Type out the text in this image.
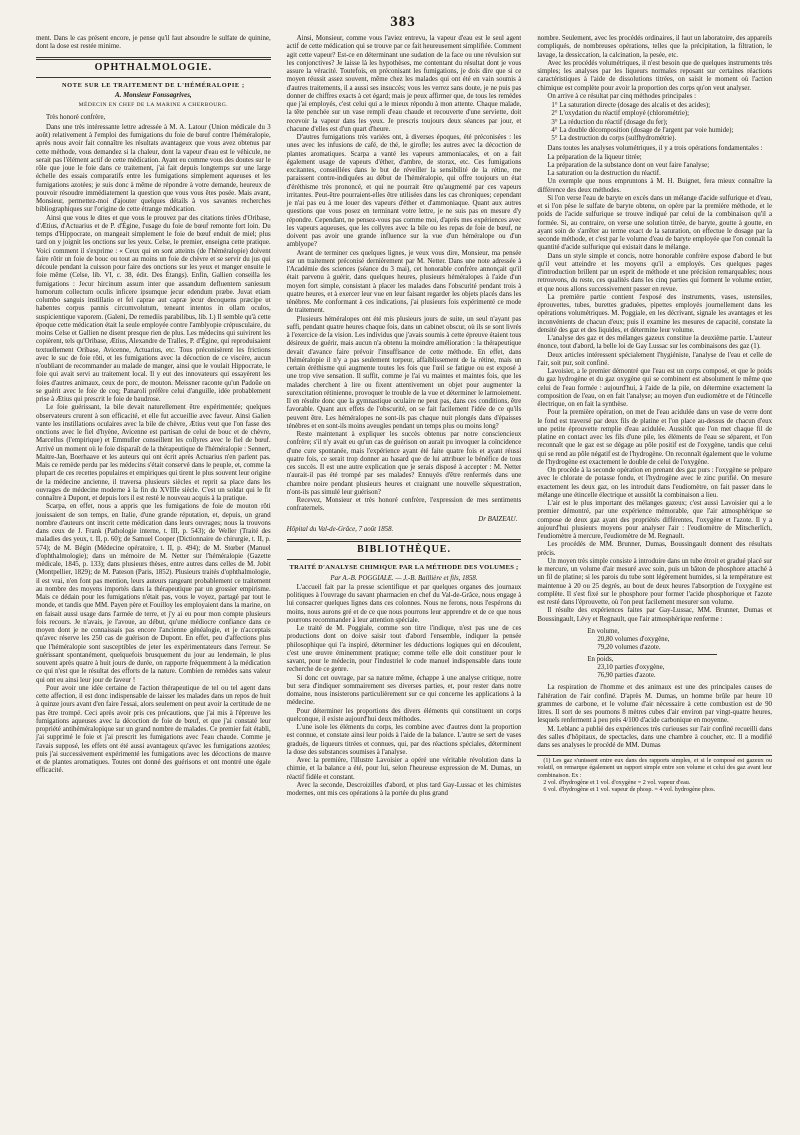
383

ment. Dans le cas présent encore, je pense qu'il faut absoudre le sulfate de quinine, dont la dose est restée minime.

OPHTHALMOLOGIE.
NOTE SUR LE TRAITEMENT DE L'HÉMÉRALOPIE ;
A. Monsieur Fonssagrives,
MÉDECIN EN CHEF DE LA MARINE A CHERBOURG.

Très honoré confrère,

Dans une très intéressante lettre adressée à M. A. Latour (Union médicale du 3 août) relativement à l'emploi des fumigations du foie de bœuf contre l'héméralopie, après nous avoir fait connaître les résultats avantageux que vous avez obtenus par cette méthode, vous demandez si la chaleur, dont la vapeur d'eau est le véhicule, ne serait pas l'élément actif de cette médication. Ayant eu comme vous des doutes sur le rôle que joue le foie dans ce traitement, j'ai fait depuis longtemps sur une large échelle des essais comparatifs entre les fumigations simplement aqueuses et les fumigations azotées; je suis donc à même de répondre à votre demande, heureux de pouvoir résoudre immédiatement la question que vous vous êtes posée. Mais avant, Monsieur, permettez-moi d'ajouter quelques détails à vos savantes recherches bibliographiques sur l'origine de cette étrange médication.

Ainsi que vous le dites et que vous le prouvez par des citations tirées d'Oribase, d'Ætius, d'Actuarius et de P. d'Égine, l'usage du foie de bœuf remonte fort loin. Du temps d'Hippocrate, on mangeait simplement le foie de bœuf enduit de miel; plus tard on y joignit les onctions sur les yeux. Celse, le premier, enseigna cette pratique. Voici comment il s'exprime : « Ceux qui en sont atteints (de l'héméralopie) doivent faire rôtir un foie de bouc ou tout au moins un foie de chèvre et se servir du jus qui découle pendant la cuisson pour faire des onctions sur les yeux et manger ensuite le foie même (Celse, lib. VI, c. 38, édit. Des Étangs). Enfin, Gallien conseilla les fumigations : Jecur hircinum assum inter que assandum defluentem saniesum humorum collectum oculis inficere ipsumque jecur edendum præbe. Juvat etiam columbo sanguis instillatio et fel caprae aut capræ jecur decoquens præcipe ut habentes corpus pannis circumvolutum, teneant intentos in ollam oculos, suspicientique vaporem. (Galeni, De remediis parabilibus, lib. I.) Il semble qu'à cette époque cette médication était la seule employée contre l'amblyopie crépusculaire, du moins Celse et Gallien ne disent presque rien de plus. Les médecins qui suivirent les copièrent, tels qu'Oribase, Ætius, Alexandre de Tralles, P. d'Égine, qui reproduisaient textuellement Oribase, Avicenne, Actuarius, etc. Tous préconisèrent les frictions avec le suc de foie rôti, et les fumigations avec la décoction de ce viscère, aucun n'oubliant de recommander au malade de manger, ainsi que le voulait Hippocrate, le foie qui avait servi au traitement local. Il y eut des innovateurs qui essayèrent les foies d'autres animaux, ceux de porc, de mouton. Meissner raconte qu'un Padoûe on se guérit avec le foie de coq; Panaroli préfère celui d'anguille, idée probablement prise à Ætius qui prescrit le foie de baudrose.

Le foie guérissant, la bile devait naturellement être expérimentée; quelques observateurs crurent à son efficacité, et elle fut accueillie avec faveur. Ainsi Galien vante les instillations oculaires avec la bile de chèvre, Ætius veut que l'on fasse des onctions avec le fiel d'hyène, Avicenne est partisan de celui de bouc et de chèvre, Marcellus (l'empirique) et Emmuller conseillent les collyres avec le fiel de bœuf. Arrivé un moment où le foie disparaît de la thérapeutique de l'héméralopie : Sennert, Maitre-Jan, Boerhaave et les auteurs qui ont écrit après Actuarius n'en parlent pas. Mais ce remède perdu par les médecins s'était conservé dans le peuple, et, comme la plupart de ces recettes populaires et empiriques qui tirent le plus souvent leur origine de la médecine ancienne, il traversa plusieurs siècles et reprit sa place dans les ouvrages de médecine moderne à la fin du XVIIIe siècle. C'est un soldat qui le fit connaître à Dupont, et depuis lors il est resté le nouveau acquis à la pratique.

Scarpa, en effet, nous a appris que les fumigations de foie de mouton rôti jouissaient de son temps, en Italie, d'une grande réputation, et, depuis, un grand nombre d'auteurs ont inscrit cette médication dans leurs ouvrages; nous la trouvons dans ceux de J. Frank (Pathologie interne, t. III, p. 543); de Weller (Traité des maladies des yeux, t. II, p. 60); de Samuel Cooper (Dictionnaire de chirurgie, t. II, p. 574); de M. Bégin (Médecine opératoire, t. II, p. 494); de M. Stœber (Manuel d'ophthalmologie); dans un mémoire de M. Netter sur l'héméralopie (Gazette médicale, 1845, p. 133); dans plusieurs thèses, entre autres dans celles de M. Jobit (Montpellier, 1829); de M. Pateson (Paris, 1852). Plusieurs traités d'ophthalmologie, il est vrai, n'en font pas mention, leurs auteurs rangeant probablement ce traitement au nombre des moyens importés dans la thérapeutique par un grossier empirisme. Mais ce dédain pour les fumigations n'était pas, vous le voyez, partagé par tout le monde, et tandis que MM. Payen père et Fouilloy les employaient dans la marine, on en faisait aussi usage dans l'armée de terre, et j'y ai eu pour mon compte plusieurs fois recours. Je n'avais, je l'avoue, au début, qu'une médiocre confiance dans ce moyen dont je ne connaissais pas encore l'ancienne généalogie, et je n'acceptais qu'avec réserve les 250 cas de guérison de Dupont. En effet, peu d'affections plus que l'héméralopie sont susceptibles de jeter les expérimentateurs dans l'erreur. Se guérissant spontanément, quelquefois brusquement du jour au lendemain, le plus souvent après quatre à huit jours de durée, on rapporte fréquemment à la médication ce qui n'est que le résultat des efforts de la nature. Combien de remèdes sans valeur qui ont eu ainsi leur jour de faveur !

Pour avoir une idée certaine de l'action thérapeutique de tel ou tel agent dans cette affection, il est donc indispensable de laisser les malades dans un repos de huit à quinze jours avant d'en faire l'essai, alors seulement on peut avoir la certitude de ne pas être trompé. Ceci après avoir pris ces précautions, que j'ai mis à l'épreuve les fumigations aqueuses avec la décoction de foie de bœuf, et que j'ai constaté leur propriété antihéméralopique sur un grand nombre de malades. Ce premier fait établi, j'ai supprimé le foie et j'ai prescrit les fumigations avec l'eau chaude. Comme je l'avais supposé, les effets ont été aussi avantageux qu'avec les fumigations azotées; puis j'ai successivement expérimenté les fumigations avec les décoctions de mauve et de plantes aromatiques. Toutes ont donné des guérisons et ont montré une égale efficacité.

Ainsi, Monsieur, comme vous l'aviez entrevu, la vapeur d'eau est le seul agent actif de cette médication qui se trouve par ce fait heureusement simplifiée. Comment agit cette vapeur? Est-ce en déterminant une sudation de la face ou une révulsion sur les conjonctives? Je laisse là les hypothèses, me contentant du résultat dont je vous assure la véracité. Toutefois, en préconisant les fumigations, je dois dire que si ce moyen réussit assez souvent, même chez les malades qui ont été en vain soumis à d'autres traitements, il a aussi ses insuccès; vous les verrez sans doute, je ne puis pas donner de chiffres exacts à cet égard; mais je peux affirmer que, de tous les remèdes que j'ai employés, c'est celui qui a le mieux répondu à mon attente. Chaque malade, la tête penchée sur un vase rempli d'eau chaude et recouverte d'une serviette, doit recevoir la vapeur dans les yeux. Je prescris toujours deux séances par jour, et chacune d'elles est d'un quart d'heure.

D'autres fumigations très variées ont, à diverses époques, été préconisées : les unes avec les infusions de café, de thé, le girofle; les autres avec la décoction de plantes aromatiques. Scarpa a vanté les vapeurs ammoniacales, et on a fait également usage de vapeurs d'éther, d'ambre, de storax, etc. Ces fumigations excitantes, conseillées dans le but de réveiller la sensibilité de la rétine, me paraissent contre-indiquées au début de l'héméralopie, qui offre toujours un état d'éréthisme très prononcé, et qui ne pourrait être qu'augmenté par ces vapeurs irritantes. Peut-être pourraient-elles être utilisées dans les cas chroniques; cependant je n'ai pas eu à me louer des vapeurs d'éther et d'ammoniaque. Quant aux autres questions que vous posez en terminant votre lettre, je ne suis pas en mesure d'y répondre. Cependant, ne pensez-vous pas comme moi, d'après mes expériences avec les vapeurs aqueuses, que les collyres avec la bile ou les repas de foie de bœuf, ne doivent pas avoir une grande influence sur la vue d'un héméralope ou d'un amblyope?

Avant de terminer ces quelques lignes, je veux vous dire, Monsieur, ma pensée sur un traitement préconisé dernièrement par M. Netter. Dans une note adressée à l'Académie des sciences (séance du 3 mai), cet honorable confrère annonçait qu'il était parvenu à guérir, dans quelques heures, plusieurs héméralopes à l'aide d'un moyen fort simple, consistant à placer les malades dans l'obscurité pendant trois à quatre heures, et à exercer leur vue en leur faisant regarder les objets placés dans les ténèbres. Me conformant à ces indications, j'ai plusieurs fois expérimenté ce mode de traitement.

Plusieurs héméralopes ont été mis plusieurs jours de suite, un seul n'ayant pas suffi, pendant quatre heures chaque fois, dans un cabinet obscur, où ils se sont livrés à l'exercice de la vision. Les individus que j'avais soumis à cette épreuve étaient tous désireux de guérir, mais aucun n'a obtenu la moindre amélioration : la thérapeutique devait d'avance faire prévoir l'insuffisance de cette méthode. En effet, dans l'héméralopie il n'y a pas seulement torpeur, affaiblissement de la rétine, mais un certain éréthisme qui augmente toutes les fois que l'œil se fatigue ou est exposé à une trop vive sensation. Il suffit, comme je l'ai vu maintes et maintes fois, que les malades cherchent à lire ou fixent attentivement un objet pour augmenter la surexcitation rétinienne, provoquer le trouble de la vue et déterminer le larmoiement. Il en résulte donc que la gymnastique oculaire ne peut pas, dans ces conditions, être favorable. Quant aux effets de l'obscurité, on se fait facilement l'idée de ce qu'ils peuvent être. Les héméralopes ne sont-ils pas chaque nuit plongés dans d'épaisses ténèbres et en sont-ils moins aveugles pendant un temps plus ou moins long?

Reste maintenant à expliquer les succès obtenus par notre consciencieux confrère; s'il n'y avait eu qu'un cas de guérison on aurait pu invoquer la coïncidence d'une cure spontanée, mais l'expérience ayant été faite quatre fois et ayant réussi quatre fois, ce serait trop donner au hasard que de lui attribuer le bénéfice de tous ces succès. Il est une autre explication que je serais disposé à accepter : M. Netter n'aurait-il pas été trompé par ses malades? Ennuyés d'être renfermés dans une chambre noire pendant plusieurs heures et craignant une nouvelle séquestration, n'ont-ils pas simulé leur guérison?

Recevez, Monsieur et très honoré confrère, l'expression de mes sentiments confraternels.

Dr BAIZEAU.

Hôpital du Val-de-Grâce, 7 août 1858.

BIBLIOTHÈQUE.
TRAITÉ D'ANALYSE CHIMIQUE PAR LA MÉTHODE DES VOLUMES ;
Par A.-B. POGGIALE. — J.-B. Baillière et fils, 1858.

L'accueil fait par la presse scientifique et par quelques organes des journaux politiques à l'ouvrage du savant pharmacien en chef du Val-de-Grâce, nous engage à lui consacrer quelques lignes dans ces colonnes. Nous ne ferons, nous l'espérons du moins, nous aurons gré et de ce que nous pourrons leur apprendre et de ce que nous pourrons recommander à leur attention spéciale.

Le traité de M. Poggiale, comme son titre l'indique, n'est pas une de ces productions dont on doive saisir tout d'abord l'ensemble, indiquer la pensée philosophique qui l'a inspiré, déterminer les déductions logiques qui en découlent, c'est une œuvre éminemment pratique; comme telle elle doit constituer pour le savant, pour le médecin, pour l'industriel le code manuel indispensable dans toute recherche de ce genre.

Si donc cet ouvrage, par sa nature même, échappe à une analyse critique, notre but sera d'indiquer sommairement ses diverses parties, et, pour rester dans notre domaine, nous insisterons particulièrement sur ce qui concerne les applications à la médecine.

Pour déterminer les proportions des divers éléments qui constituent un corps quelconque, il existe aujourd'hui deux méthodes.

L'une isole les éléments du corps, les combine avec d'autres dont la proportion est connue, et constate ainsi leur poids à l'aide de la balance. L'autre se sert de vases gradués, de liqueurs titrées et connues, qui, par des réactions spéciales, déterminent la dose des substances soumises à l'analyse.

Avec la première, l'illustre Lavoisier a opéré une véritable révolution dans la chimie, et la balance a été, pour lui, selon l'heureuse expression de M. Dumas, un réactif fidèle et constant.

Avec la seconde, Descroizilles d'abord, et plus tard Gay-Lussac et les chimistes modernes, ont mis ces opérations à la portée du plus grand

nombre. Seulement, avec les procédés ordinaires, il faut un laboratoire, des appareils compliqués, de nombreuses opérations, telles que la précipitation, la filtration, le lavage, la dessiccation, la calcination, la pesée, etc.

Avec les procédés volumétriques, il n'est besoin que de quelques instruments très simples; les analyses par les liqueurs normales reposant sur certaines réactions caractéristiques à l'aide de dissolutions titrées, on saisit le moment où l'action chimique est complète pour avoir la proportion des corps qu'on veut analyser.

On arrive à ce résultat par cinq méthodes principales :

1° La saturation directe (dosage des alcalis et des acides);
2° L'oxydation du réactif employé (chlorométrie);
3° La réduction du réactif (dosage du fer);
4° La double décomposition (dosage de l'argent par voie humide);
5° La destruction du corps (sulfhydrométrie).

Dans toutes les analyses volumétriques, il y a trois opérations fondamentales :

La préparation de la liqueur titrée;

La préparation de la substance dont on veut faire l'analyse;

La saturation ou la destruction du réactif.

Un exemple que nous empruntons à M. H. Buignet, fera mieux connaître la différence des deux méthodes.

Si l'on verse l'eau de baryte en excès dans un mélange d'acide sulfurique et d'eau, et si l'on pèse le sulfate de baryte obtenu, on opère par la première méthode, et le poids de l'acide sulfurique se trouve indiqué par celui de la combinaison qu'il a formée. Si, au contraire, on verse une solution titrée, de baryte, goutte à goutte, en ayant soin de s'arrêter au terme exact de la saturation, on effectue le dosage par la seconde méthode, et c'est par le volume d'eau de baryte employée que l'on connaît la quantité d'acide sulfurique qui existait dans le mélange.

Dans un style simple et concis, notre honorable confrère expose d'abord le but qu'il veut atteindre et les moyens qu'il a employés. Ces quelques pages d'introduction brillent par un esprit de méthode et une précision remarquables; nous retrouvons, du reste, ces qualités dans les cinq parties qui forment le volume entier, et que nous allons successivement passer en revue.

La première partie contient l'exposé des instruments, vases, ustensiles, éprouvettes, tubes, burettes graduées, pipettes employés journellement dans les opérations volumétriques. M. Poggiale, en les décrivant, signale les avantages et les inconvénients de chacun d'eux; puis il examine les mesures de capacité, constate la densité des gaz et des liquides, et détermine leur volume.

L'analyse des gaz et des mélanges gazeux constitue la deuxième partie. L'auteur énonce, tout d'abord, la belle loi de Gay Lussac sur les combinaisons des gaz (1).

Deux articles intéressent spécialement l'hygiéniste, l'analyse de l'eau et celle de l'air, soit pur, soit confiné.

Lavoisier, a le premier démontré que l'eau est un corps composé, et que le poids du gaz hydrogène et du gaz oxygène qui se combinent est absolument le même que celui de l'eau formée : aujourd'hui, à l'aide de la pile, on détermine exactement la composition de l'eau, on en fait l'analyse; au moyen d'un eudiomètre et de l'étincelle électrique, on en fait la synthèse.

Pour la première opération, on met de l'eau acidulée dans un vase de verre dont le fond est traversé par deux fils de platine et l'on place au-dessus de chacun d'eux une petite éprouvette remplie d'eau acidulée. Aussitôt que l'on met chaque fil de platine en contact avec les fils d'une pile, les éléments de l'eau se séparent, et l'on reconnaît que le gaz est se dégage au pôle positif est de l'oxygène, tandis que celui qui se rend au pôle négatif est de l'hydrogène. On reconnaît également que le volume de l'hydrogène est exactement le double de celui de l'oxygène.

On procède à la seconde opération en prenant des gaz purs : l'oxygène se prépare avec le chlorate de potasse fondu, et l'hydrogène avec le zinc purifié. On mesure exactement les deux gaz, on les introduit dans l'eudiomètre, on fait passer dans le mélange une étincelle électrique et aussitôt la combinaison a lieu.

L'air est le plus important des mélanges gazeux; c'est aussi Lavoisier qui a le premier démontré, par une expérience mémorable, que l'air atmosphérique se compose de deux gaz ayant des propriétés différentes, l'oxygène et l'azote. Il y a aujourd'hui plusieurs moyens pour analyser l'air : l'eudiomètre de Mitscherlich, l'eudiomètre à mercure, l'eudiomètre de M. Regnault.

Les procédés de MM. Brunner, Dumas, Boussingault donnent des résultats précis.

Un moyen très simple consiste à introduire dans un tube étroit et gradué placé sur le mercure, un volume d'air mesuré avec soin, puis un bâton de phosphore attaché à un fil de platine; si les parois du tube sont légèrement humides, si la température est maintenue à 20 ou 25 degrés, au bout de deux heures l'absorption de l'oxygène est complète. Il s'est fixé sur le phosphore pour former l'acide phosphorique et l'azote est resté dans l'éprouvette, où l'on peut facilement mesurer son volume.

Il résulte des expériences faites par Gay-Lussac, MM. Brunner, Dumas et Boussingault, Lévy et Regnault, que l'air atmosphérique renferme :

En volume,
20,80 volumes d'oxygène,
79,20 volumes d'azote.
En poids,
23,10 parties d'oxygène,
76,90 parties d'azote.

La respiration de l'homme et des animaux est une des principales causes de l'altération de l'air confiné. D'après M. Dumas, un homme brûle par heure 10 grammes de carbone, et le volume d'air nécessaire à cette combustion est de 90 litres. Il sort de ses poumons 8 mètres cubes d'air environ par vingt-quatre heures, lesquels renferment à peu près 4/100 d'acide carbonique en moyenne.

M. Leblanc a publié des expériences très curieuses sur l'air confiné recueilli dans des salles d'hôpitaux, de spectacles, dans une chambre à coucher, etc. Il a modifié dans ses analyses le procédé de MM. Dumas

(1) Les gaz s'unissent entre eux dans des rapports simples, et si le composé est gazeux ou volatil, on remarque également un rapport simple entre son volume et celui des gaz avant leur combinaison. Ex :
2 vol. d'hydrogène et 1 vol. d'oxygène = 2 vol. vapeur d'eau.
6 vol. d'hydrogène et 1 vol. vapeur de phosp. = 4 vol. hydrogène phos.
